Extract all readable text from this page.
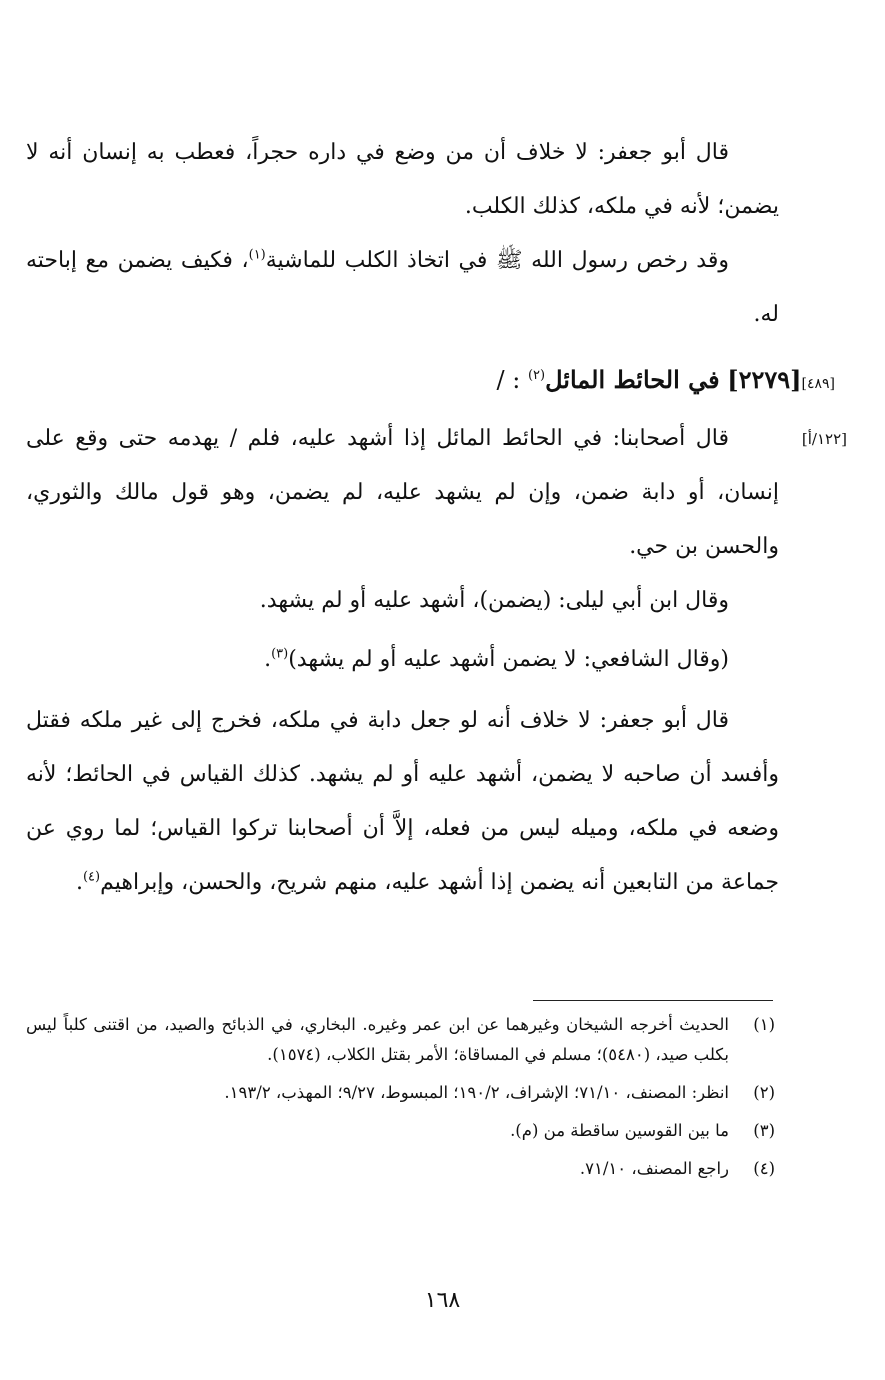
قال أبو جعفر: لا خلاف أن من وضع في داره حجراً، فعطب به إنسان أنه لا يضمن؛ لأنه في ملكه، كذلك الكلب.

وقد رخص رسول الله ﷺ في اتخاذ الكلب للماشية$^{(١)}$، فكيف يضمن مع إباحته له.

[٤٨٩][٢٢٧٩] في الحائط المائل$^{(٢)}$ : /
[١٢٢/أ]

قال أصحابنا: في الحائط المائل إذا أشهد عليه، فلم / يهدمه حتى وقع على إنسان، أو دابة ضمن، وإن لم يشهد عليه، لم يضمن، وهو قول مالك والثوري، والحسن بن حي.

وقال ابن أبي ليلى: (يضمن)، أشهد عليه أو لم يشهد.

(وقال الشافعي: لا يضمن أشهد عليه أو لم يشهد)$^{(٣)}$.

قال أبو جعفر: لا خلاف أنه لو جعل دابة في ملكه، فخرج إلى غير ملكه فقتل وأفسد أن صاحبه لا يضمن، أشهد عليه أو لم يشهد. كذلك القياس في الحائط؛ لأنه وضعه في ملكه، وميله ليس من فعله، إلاَّ أن أصحابنا تركوا القياس؛ لما روي عن جماعة من التابعين أنه يضمن إذا أشهد عليه، منهم شريح، والحسن، وإبراهيم$^{(٤)}$.

(١)
الحديث أخرجه الشيخان وغيرهما عن ابن عمر وغيره. البخاري، في الذبائح والصيد، من اقتنى كلباً ليس بكلب صيد، (٥٤٨٠)؛ مسلم في المساقاة؛ الأمر بقتل الكلاب، (١٥٧٤).

(٢)
انظر: المصنف، ٧١/١٠؛ الإشراف، ١٩٠/٢؛ المبسوط، ٩/٢٧؛ المهذب، ١٩٣/٢.

(٣)
ما بين القوسين ساقطة من (م).

(٤)
راجع المصنف، ٧١/١٠.

١٦٨
